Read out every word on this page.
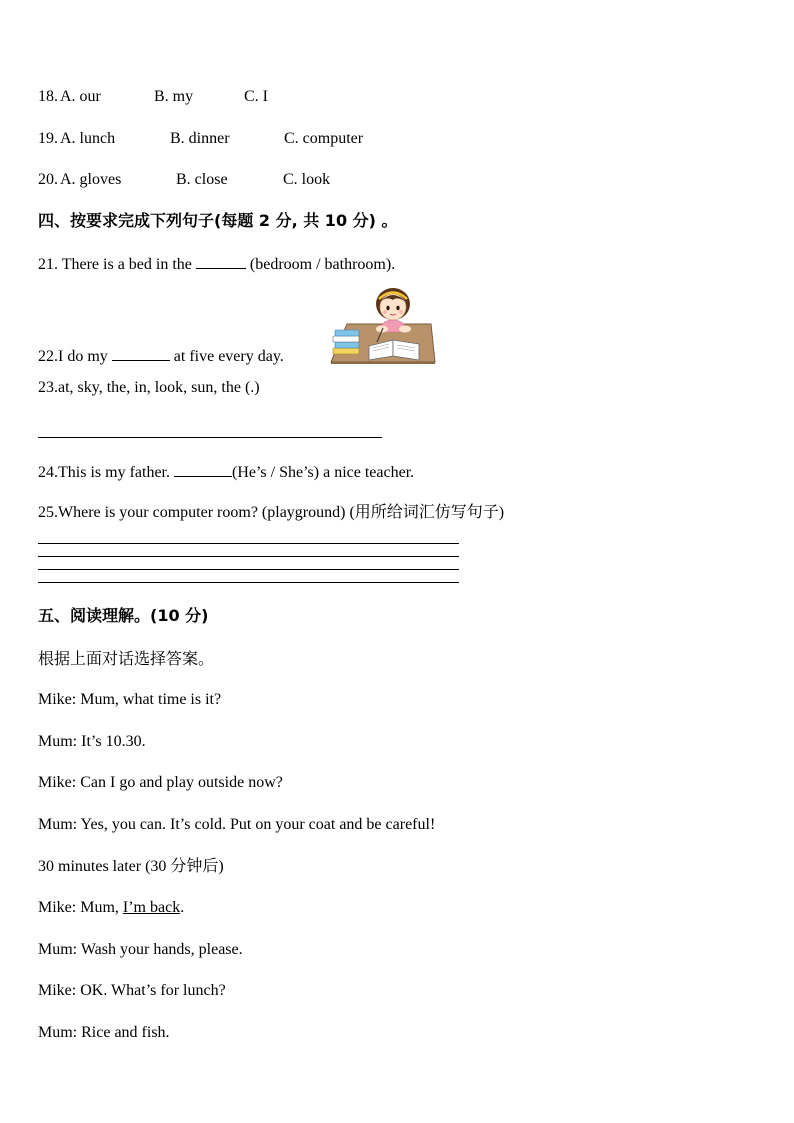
18. A. our	B. my	C. I
19. A. lunch	B. dinner	C. computer
20. A. gloves	B. close	C. look
四、按要求完成下列句子(每题 2 分, 共 10 分) 。
21. There is a bed in the	(bedroom / bathroom).
22.I do my	at five every day.
23.at, sky, the, in, look, sun, the (.)
24.This is my father.	(He’s / She’s) a nice teacher.
25.Where is your computer room? (playground) (用所给词汇仿写句子)
五、阅读理解。(10 分)
根据上面对话选择答案。
Mike: Mum, what time is it?
Mum: It’s 10.30.
Mike: Can I go and play outside now?
Mum: Yes, you can. It’s cold. Put on your coat and be careful!
30 minutes later (30 分钟后)
Mike: Mum, I’m back.
Mum: Wash your hands, please.
Mike: OK. What’s for lunch?
Mum: Rice and fish.
